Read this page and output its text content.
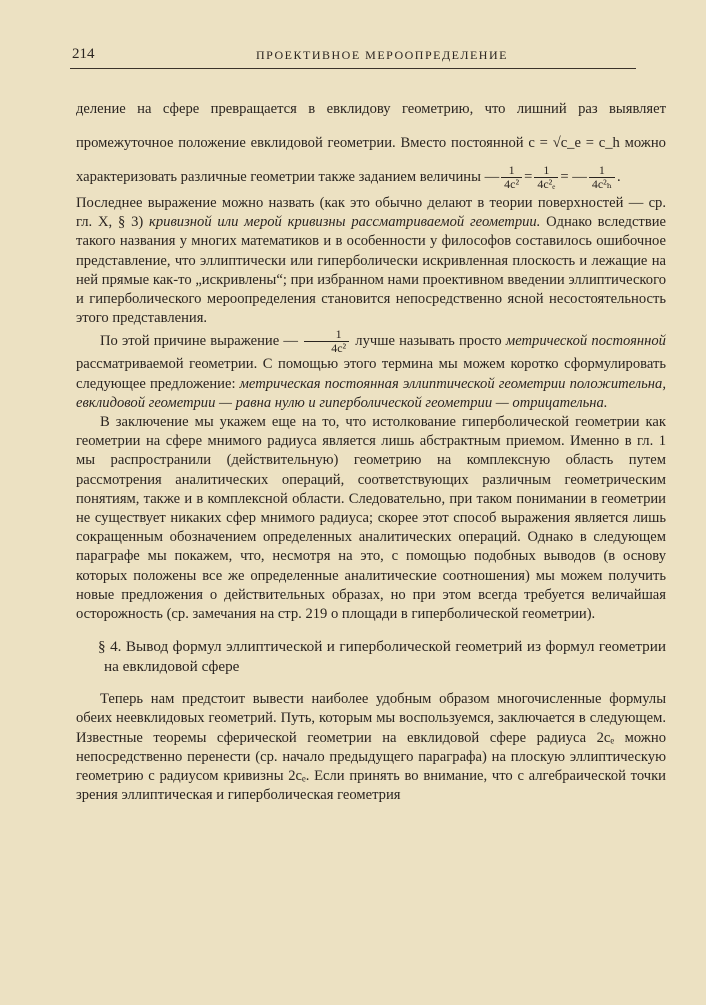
214	ПРОЕКТИВНОЕ МЕРООПРЕДЕЛЕНИЕ

деление на сфере превращается в евклидову геометрию, что лишний раз выявляет промежуточное положение евклидовой геометрии. Вместо постоянной c = √c_e = c_h можно характеризовать различные геометрии также заданием величины — $\frac{1}{\text{4c²}} = \frac{1}{\text{4c²ₑ}}$ = — $\frac{1}{\text{4c²ₕ}}$ .

Последнее выражение можно назвать (как это обычно делают в теории поверхностей — ср. гл. X, § 3) кривизной или мерой кривизны рассматриваемой геометрии. Однако вследствие такого названия у многих математиков и в особенности у философов составилось ошибочное представление, что эллиптически или гиперболически искривленная плоскость и лежащие на ней прямые как-то „искривлены“; при избранном нами проективном введении эллиптического и гиперболического мероопределения становится непосредственно ясной несостоятельность этого представления.

По этой причине выражение — $\frac{1}{\text{4c²}}$ лучше называть просто метрической постоянной рассматриваемой геометрии. С помощью этого термина мы можем коротко сформулировать следующее предложение: метрическая постоянная эллиптической геометрии положительна, евклидовой геометрии — равна нулю и гиперболической геометрии — отрицательна.

В заключение мы укажем еще на то, что истолкование гиперболической геометрии как геометрии на сфере мнимого радиуса является лишь абстрактным приемом. Именно в гл. 1 мы распространили (действительную) геометрию на комплексную область путем рассмотрения аналитических операций, соответствующих различным геометрическим понятиям, также и в комплексной области. Следовательно, при таком понимании в геометрии не существует никаких сфер мнимого радиуса; скорее этот способ выражения является лишь сокращенным обозначением определенных аналитических операций. Однако в следующем параграфе мы покажем, что, несмотря на это, с помощью подобных выводов (в основу которых положены все же определенные аналитические соотношения) мы можем получить новые предложения о действительных образах, но при этом всегда требуется величайшая осторожность (ср. замечания на стр. 219 о площади в гиперболической геометрии).

§ 4. Вывод формул эллиптической и гиперболической геометрий из формул геометрии на евклидовой сфере

Теперь нам предстоит вывести наиболее удобным образом многочисленные формулы обеих неевклидовых геометрий. Путь, которым мы воспользуемся, заключается в следующем. Известные теоремы сферической геометрии на евклидовой сфере радиуса 2cₑ можно непосредственно перенести (ср. начало предыдущего параграфа) на плоскую эллиптическую геометрию с радиусом кривизны 2cₑ. Если принять во внимание, что с алгебраической точки зрения эллиптическая и гиперболическая геометрия
